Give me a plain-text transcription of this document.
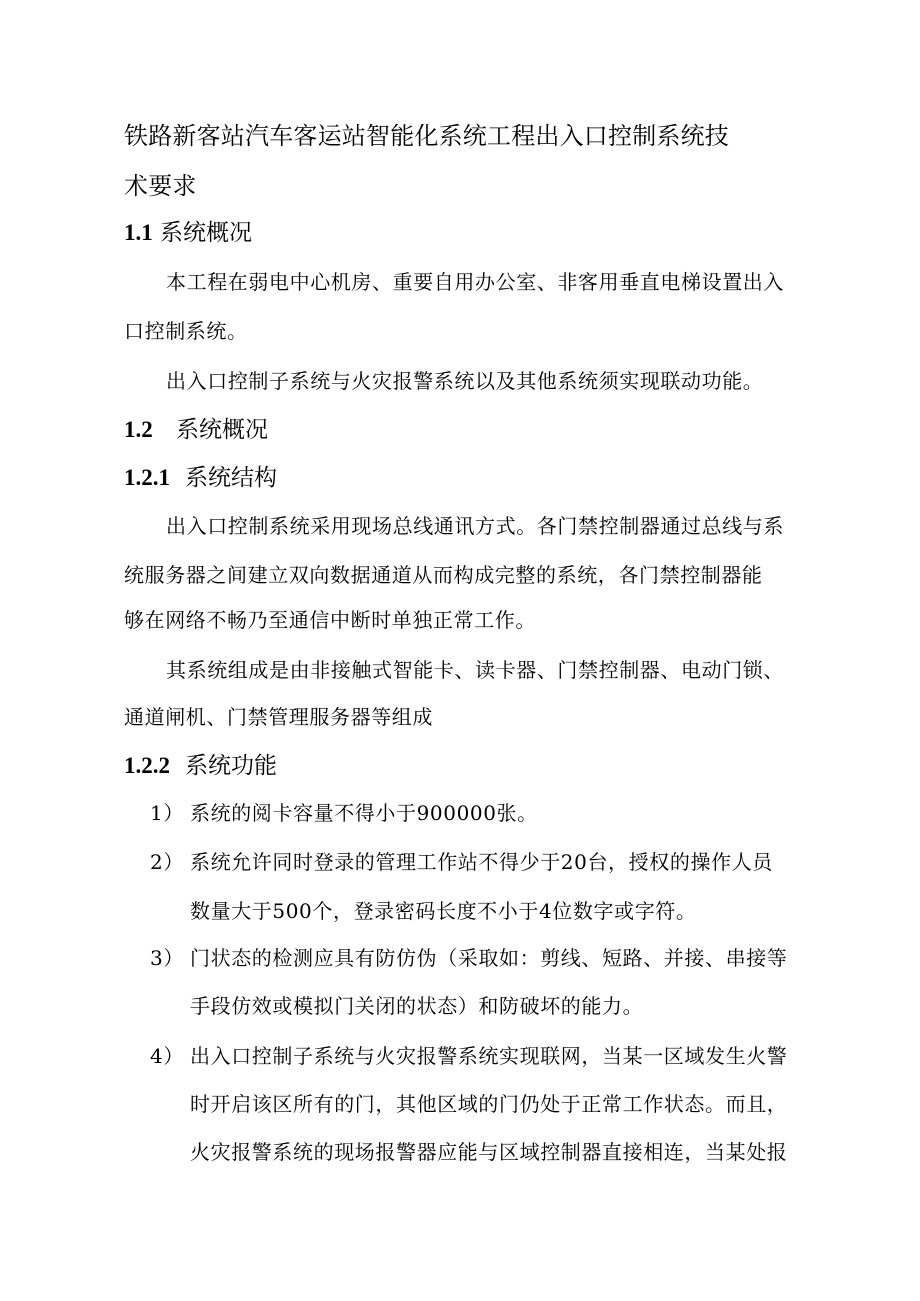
铁路新客站汽车客运站智能化系统工程出入口控制系统技
术要求
1.1 系统概况
本工程在弱电中心机房、重要自用办公室、非客用垂直电梯设置出入
口控制系统。
出入口控制子系统与火灾报警系统以及其他系统须实现联动功能。
1.2 系统概况
1.2.1 系统结构
出入口控制系统采用现场总线通讯方式。各门禁控制器通过总线与系
统服务器之间建立双向数据通道从而构成完整的系统，各门禁控制器能
够在网络不畅乃至通信中断时单独正常工作。
其系统组成是由非接触式智能卡、读卡器、门禁控制器、电动门锁、
通道闸机、门禁管理服务器等组成
1.2.2 系统功能
1） 系统的阅卡容量不得小于900000张。
2） 系统允许同时登录的管理工作站不得少于20台，授权的操作人员
数量大于500个，登录密码长度不小于4位数字或字符。
3） 门状态的检测应具有防仿伪（采取如：剪线、短路、并接、串接等
手段仿效或模拟门关闭的状态）和防破坏的能力。
4） 出入口控制子系统与火灾报警系统实现联网，当某一区域发生火警
时开启该区所有的门，其他区域的门仍处于正常工作状态。而且，
火灾报警系统的现场报警器应能与区域控制器直接相连，当某处报
